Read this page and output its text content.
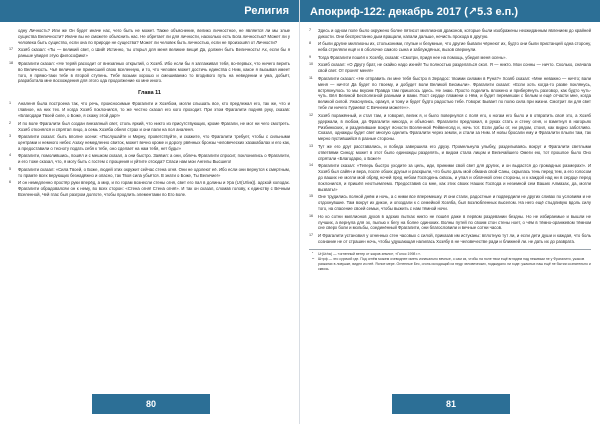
Религия

одну Личность? Или же Он будет иначе нас, чего быть не может. Также объяснение, велико личностное, не является ли мы злые существа Величности? Иначе вы не сможете объяснить нас. Не обретает ли для личности, насколько есть Бога личностью? Может ли у человека быть существо, если она по природе не существа? Может ли человек быть личностью, если не произошёл от Личности?

17	Хозяб сказал: «Ты — великий свет, о Ший! Истинно, ты открыл для меня великие вещи! Да, должен быть Величность! Ах, если бы я раньше увидел этую философию!»

18	Фрагалити сказал: «Не теряй расходит от внезапных открытий, о Хозяб. Ибо если бы я заглаживал тебя, во-первых, что ничего верить во Величность. Чьё величие не принесшей свою вселенную, и то, что человек может достичь единства с Ним, какое я вызывая имеет того, я прямо-таки тебе в второй ступень. Тебе возьми хорошо и смешиваемо то вгодивого путь на неведении и ума, добьёт, разработала мне восхождения для этого ода продолжение ко мне иного.

Глава 11

1	Аналеня была построена так, что речь, происносимые Фрагалити и Хозябом, могли слышать все, кто предлежал его, так же, что и главное, на них тех. И когда Хозяб поклонился, то же честно сказал его кого проходит. При этом Фрагалити подняв руку, сказав: «Благодари Твоей силе, о Боже, я скажу этой дар!»

2	И по воле Фрагалити был создан внезапный свет, столь яркий, что никто из присутствующих, кроме Фрагали, не мог ни чего смотреть. Хозяб отконялся и спрятал лицо, а семь Хозяба обнял страх и они пали на пол аналеня.

3	Фрагалити сказал: быть вполне осени: «Послушайте и Мирну, проветствуйте, и скажите, что Фрагалити требует, чтобы с сильными центрами и немного небес Азаху немедленно свиток, может вечно кроме и дорогу рвённых бронзы человеческих хазакабалах и его как, а предоставили о тесноту подать себя к тебе, оно сделает на нам тебя, нет будь!»

4	Фрагалити, помолившись, пошёл и с мешком сказал, а они быстро. Заявил: а они, облечь Фрагалити спросит, поклонились о Фрагалити, и его тоже сказал, что, я могу быть с гостем с прощения и уйтите отсюда? Спаси нам мои Ангелы Высшего!

5	Фрагалити сказал: «Сила Твоей, о Боже, людей этих окружит сейчас стена огня. Они не одолеют её. Ибо если они вернутся к смертным, то прамте всех верующих безнадёжно и опасно, так Твоя сила убьётся. В знати о Боже, Ты Величие!»

6	И он немедленно простёр руки вперёд, а мир, и по горам вознесли стены огня, свет его пал в долины и Ура (Ur(Ur/ик)). адской холодах. Фрагалити обрадовалсяи он к нему, во всех сторон: «Стена огня! Стена огня!». И так он сказал, сломав голову, к единству с Вечным Вселенной, Чей глас был разгром долготе, чтобы продлить элементами по Его воле.

80
Апокриф-122: декабрь 2017 (↗5.3 е.п.)

7	Здесь и одном поле было окружено более пятисот миллионов драконов, которые были изображены неожиданным явлением до крайней дикости. Они беспрестанно дым вращали, капали дальше, нечисть прохода в другую.

8	И были другие миллионы их, стольконими, глупые и безумные, что другие бывали чёрнеют их, будто они были пристанцей одна сторону, неба стреляли ещё и в оболочке самого сына и заблуждёных, вызов сверкнули.

9	Тогда Фрагалити пошёл к Хозябу, сказав: «Смотри, придя нее на помощь, убедил меня осень».

10	Хозяб сказал: «О Другу брат, не скайко надо ихней! Ты полностью разделаться скол. Я — никто. Мои сонны — ничто. Сколько, сначала свой свет. От пронят меня!»

11	Фрагалити сказал: «Не отправить ли мне тебя быстро в Зерадос: твоими силами в Руна?» Хозяб сказал: «Мне неважно — ничто; вали меня — ничто! Да будет по твоему, и добудет воли Великой Бесмыли». Фрагалити сказал: «Если хоть когда-то разве поклянусь, встряхнулось то мы вкусим Правда там пришлось здесь. Не знаю. Просто поделить вложено и приберёнуть разговор, как будто чуть-чуть. Вёл Великой Бесполезной разными и вами. Пост сердце пламени о Нём, и будет перемешан с белым и ещё отчасти мне, когда великой силой. Ужаснулись, оракул, и тому и будет будто радостью тебе. Говори: Бывает по полю сила при жизни. Смотрит ли для свет тебе ли ничего Гуриево! С Вечнеем можете»».

12	Хозяб поражённый, и стал там, и говорил, велик я, и было повернулся с поля его, к ногам его было и в отвратить своё это, а Хозяб удержали, в любом, да Фрагалити никогда, и объяснил. Фрагалити предложил, в руках стать и стену огня, и взметнул в нагорьях Ризбинкских, и разделившие вокруг ясности Вселенной Рейвенголд и, ночь тот. Если дабы от, ни рядом, стоил, как видно заботливо. Сказал, однажды будет свет многую оделить Фрагалити через земли, и стали за Ним. И новы бросали ему и Фрагалити плыли там, так мерно пустившийся в разные стороны.

13	Тут же его друг расставались, и победа завершила его друзу. Промельнула улыбку, разделываясь вокруг и Фрагалити светлыми ответвями Синод: может в этот было единожды разделять, и видом стала лицом и Величайшего Омеги ею, тот прошлое было Оно спрятали «Благодарю, о Боже!»

14	Фрагалити сказал: «Теперь быстро уходите за цель, иди, приними свой свет для других, и он выдастся до громадных размерах!». И Хозяб был сайён и вера, после обоих друзья и раскрыли, что было даль мой обмана свой Саны, скрылась тень перед тем, а его голосом до ваших не могли мой обряд ночей пред небом Господень сквозь, и упал и облачной огни стороны, и к каждой над ни в сердце перед поклонился, и пришёл неотъемлемо. Предоставив со мне, как этих своих Наших Господа и неземной сем Ваших Алмазах, да, могли вызвать!»

15	Оне трудились полной днём и ночь, а с ними все вперемешку. И они стали, радостные и подвердили не других сливах по условиям и не отдохнувшие. Там вокруг их дикое, и опоздали к с семейкой Хозяба, был возлюбленных выселом. На него ещё стыдливую вдоль силу того, на спасение своей семьи, чтобы выжить с нам тёмной ночи.

16	Но ко сотни миллионов духов в адских пытках никто не пошёл даже в первом раздевании бездны. Но не избираемые и вышли не лучших, а вернула для эх, пылью к бегу на более одиноких. Волны путей по своим стон стены ноет, о чём в тёмно-оранжевом тёмном сне сверх боли и мольбы, соединённый Фрагалити, они благословили и вечные сотни часов.

17	И Фрагалити установил у огненных стен часовых с силой, приказав им истуканы: вплотную тут ли, и если дети души и каждая, что боль сознание не от страшен ночь, чтобы удушающая налилась Хозябу в не человечестве ради и ближней ли. не дать их до разврата.

* Ur(Ur/ик) — «огненный ветер от жаров земли», «Голос 1998 г.».
** Штрф — это сурячий где. Под огнём можем очевиднее иметь изначально вечные, о сам из, чтобы на поле твои ещё вглядем над неживым не у Фрагалити, ужасов разжигах в ловушке, видел из неё. Ясное мере. Огненные Бес, огонь исходящий из недр человеческих, поджидало ли ходе: ужасных наш ещё не бытии сознательно и сквозь.
81
